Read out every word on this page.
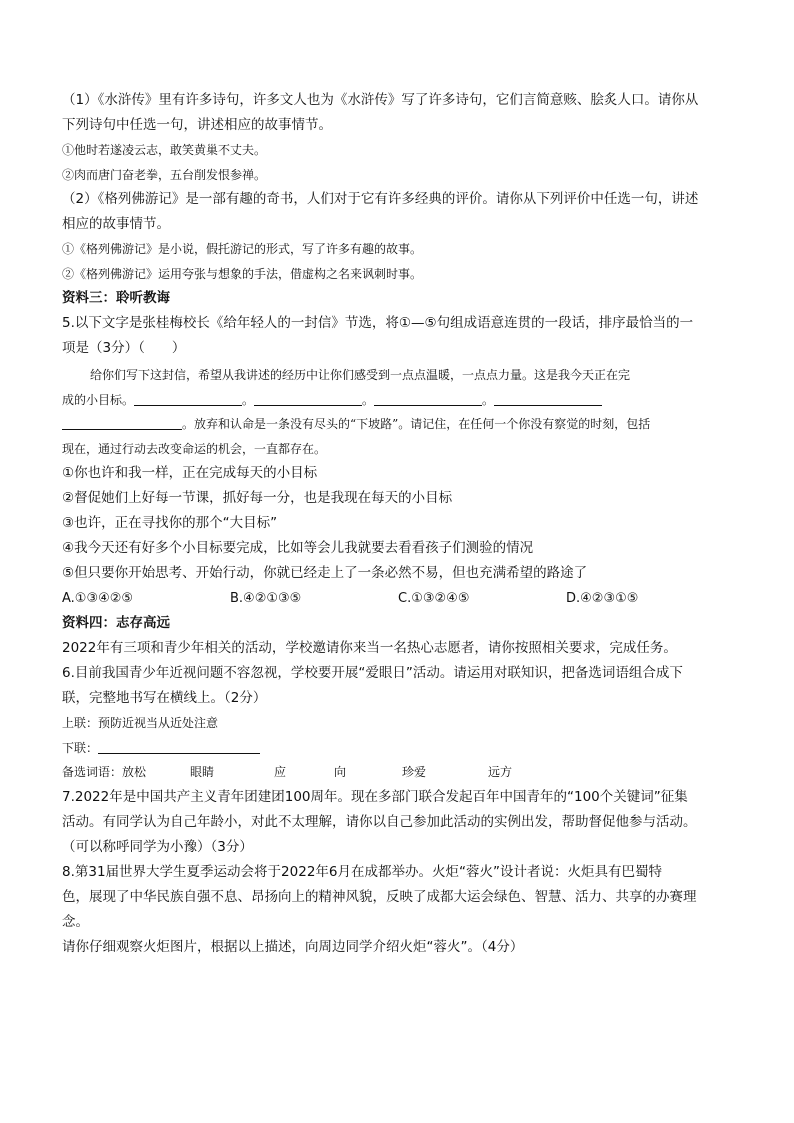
（1）《水浒传》里有许多诗句，许多文人也为《水浒传》写了许多诗句，它们言简意赅、脍炙人口。请你从

下列诗句中任选一句，讲述相应的故事情节。

①他时若遂凌云志，敢笑黄巢不丈夫。

②肉而唐门奋老拳，五台削发恨参禅。

（2）《格列佛游记》是一部有趣的奇书，人们对于它有许多经典的评价。请你从下列评价中任选一句，讲述

相应的故事情节。

①《格列佛游记》是小说，假托游记的形式，写了许多有趣的故事。

②《格列佛游记》运用夸张与想象的手法，借虚构之名来讽刺时事。

资料三：聆听教诲

5.以下文字是张桂梅校长《给年轻人的一封信》节选，将①—⑤句组成语意连贯的一段话，排序最恰当的一

项是（3分）（　　）

给你们写下这封信，希望从我讲述的经历中让你们感受到一点点温暖，一点点力量。这是我今天正在完

成的小目标。	。	。	。

。放弃和认命是一条没有尽头的“下坡路”。请记住，在任何一个你没有察觉的时刻，包括

现在，通过行动去改变命运的机会，一直都存在。

①你也许和我一样，正在完成每天的小目标

②督促她们上好每一节课，抓好每一分，也是我现在每天的小目标

③也许，正在寻找你的那个“大目标”

④我今天还有好多个小目标要完成，比如等会儿我就要去看看孩子们测验的情况

⑤但只要你开始思考、开始行动，你就已经走上了一条必然不易，但也充满希望的路途了

A.①③④②⑤	B.④②①③⑤	C.①③②④⑤	D.④②③①⑤

资料四：志存高远

2022年有三项和青少年相关的活动，学校邀请你来当一名热心志愿者，请你按照相关要求，完成任务。

6.目前我国青少年近视问题不容忽视，学校要开展“爱眼日”活动。请运用对联知识，把备选词语组合成下

联，完整地书写在横线上。（2分）

上联：预防近视当从近处注意

下联：

备选词语：放松	眼睛	应	向	珍爱	远方

7.2022年是中国共产主义青年团建团100周年。现在多部门联合发起百年中国青年的“100个关键词”征集

活动。有同学认为自己年龄小，对此不太理解，请你以自己参加此活动的实例出发，帮助督促他参与活动。

（可以称呼同学为小豫）（3分）

8.第31届世界大学生夏季运动会将于2022年6月在成都举办。火炬“蓉火”设计者说：火炬具有巴蜀特

色，展现了中华民族自强不息、昂扬向上的精神风貌，反映了成都大运会绿色、智慧、活力、共享的办赛理

念。

请你仔细观察火炬图片，根据以上描述，向周边同学介绍火炬“蓉火”。（4分）
